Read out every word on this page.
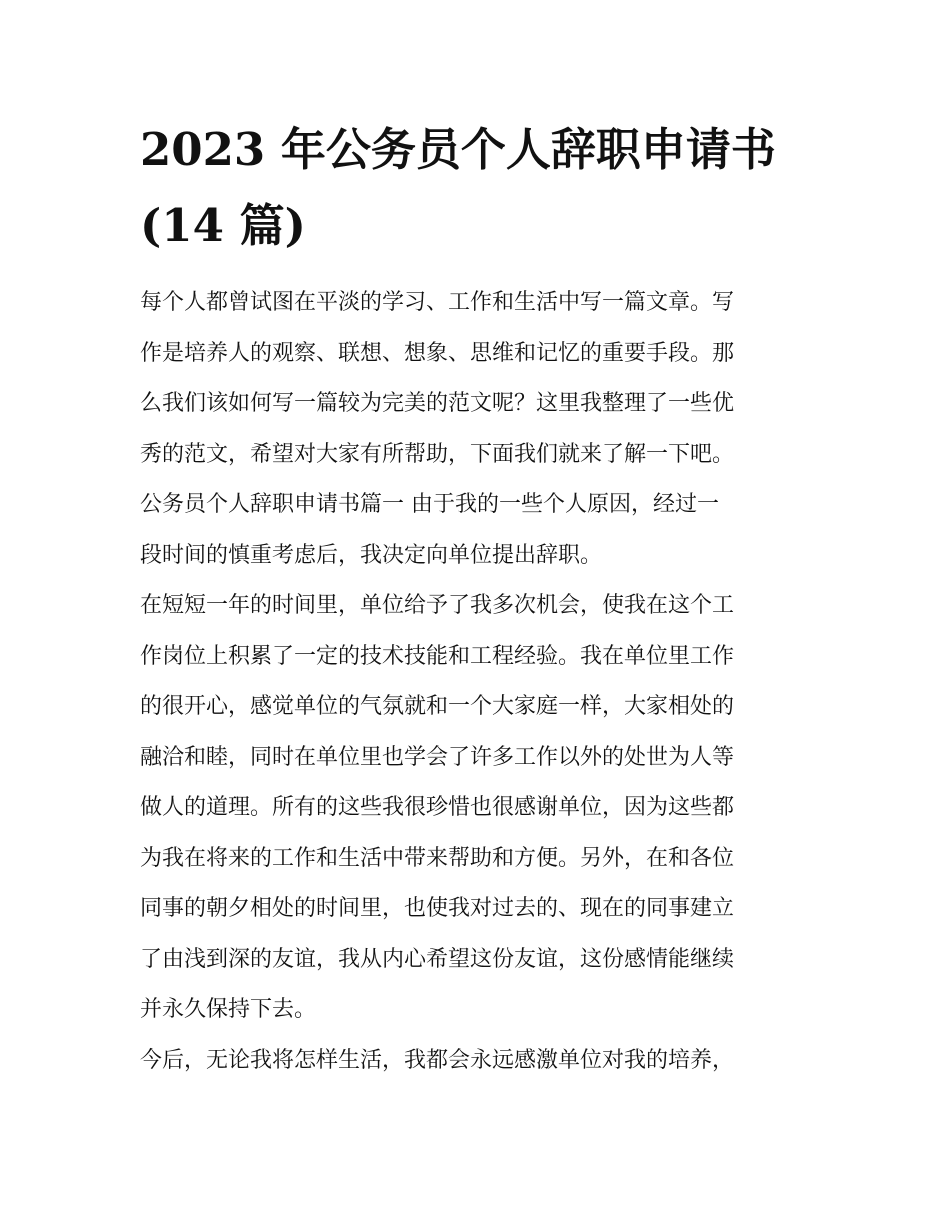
2023 年公务员个人辞职申请书
(14 篇)
每个人都曾试图在平淡的学习、工作和生活中写一篇文章。写
作是培养人的观察、联想、想象、思维和记忆的重要手段。那
么我们该如何写一篇较为完美的范文呢？这里我整理了一些优
秀的范文，希望对大家有所帮助，下面我们就来了解一下吧。
公务员个人辞职申请书篇一 由于我的一些个人原因，经过一
段时间的慎重考虑后，我决定向单位提出辞职。
在短短一年的时间里，单位给予了我多次机会，使我在这个工
作岗位上积累了一定的技术技能和工程经验。我在单位里工作
的很开心，感觉单位的气氛就和一个大家庭一样，大家相处的
融洽和睦，同时在单位里也学会了许多工作以外的处世为人等
做人的道理。所有的这些我很珍惜也很感谢单位，因为这些都
为我在将来的工作和生活中带来帮助和方便。另外，在和各位
同事的朝夕相处的时间里，也使我对过去的、现在的同事建立
了由浅到深的友谊，我从内心希望这份友谊，这份感情能继续
并永久保持下去。
今后，无论我将怎样生活，我都会永远感激单位对我的培养，
